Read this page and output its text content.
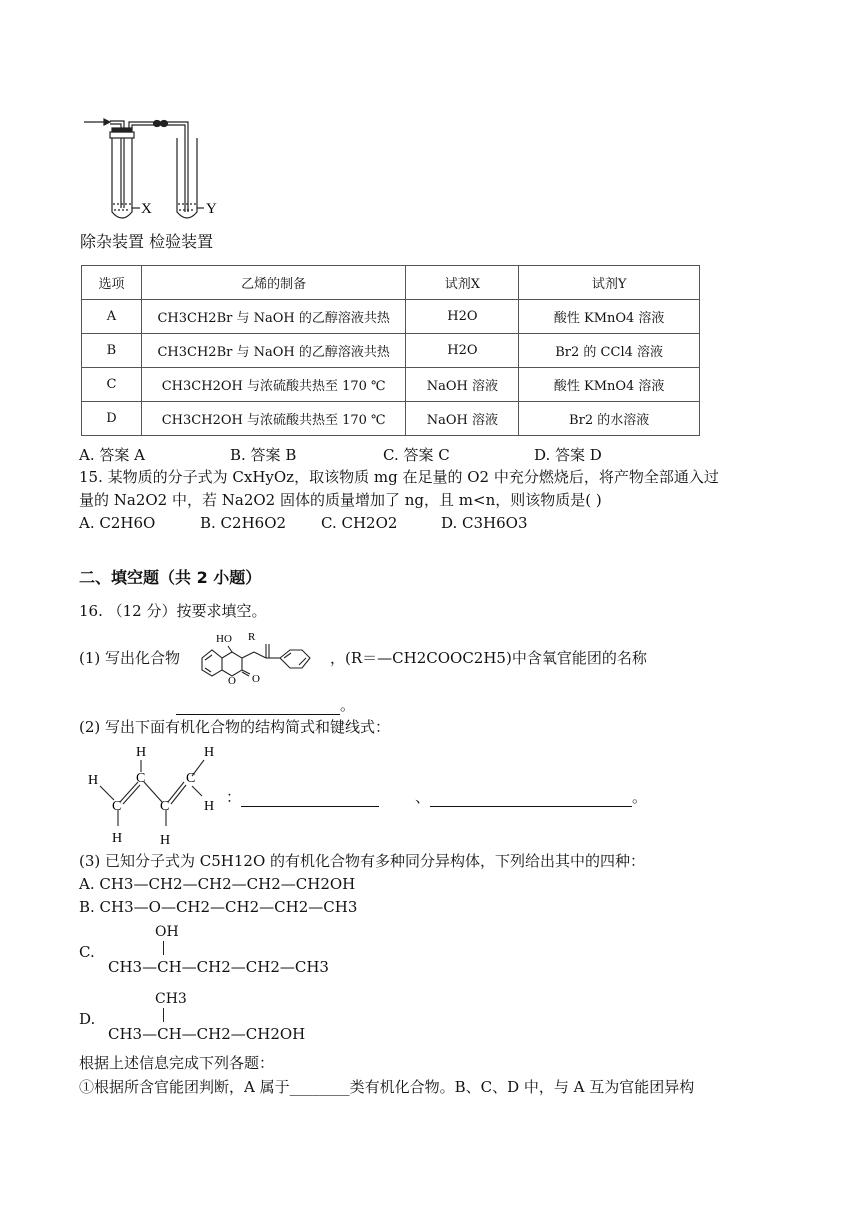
X	Y
除杂装置 检验装置
选项	乙烯的制备	试剂X	试剂Y
A	CH3CH2Br 与 NaOH 的乙醇溶液共热	H2O	酸性 KMnO4 溶液
B	CH3CH2Br 与 NaOH 的乙醇溶液共热	H2O	Br2 的 CCl4 溶液
C	CH3CH2OH 与浓硫酸共热至 170 ℃	NaOH 溶液	酸性 KMnO4 溶液
D	CH3CH2OH 与浓硫酸共热至 170 ℃	NaOH 溶液	Br2 的水溶液
A. 答案 A	B. 答案 B	C. 答案 C	D. 答案 D
15. 某物质的分子式为 CxHyOz，取该物质 mg 在足量的 O2 中充分燃烧后，将产物全部通入过
量的 Na2O2 中，若 Na2O2 固体的质量增加了 ng，且 m<n，则该物质是( )
A. C2H6O	B. C2H6O2 C. CH2O2	D. C3H6O3
二、填空题（共 2 小题）
16. （12 分）按要求填空。
(1) 写出化合物
HO R
O O
，(R＝—CH2COOC2H5)中含氧官能团的名称
。
(2) 写出下面有机化合物的结构简式和键线式：
H
C
H
C	C
H	H
C
H
H
：	、	。
(3) 已知分子式为 C5H12O 的有机化合物有多种同分异构体，下列给出其中的四种：
A. CH3—CH2—CH2—CH2—CH2OH
B. CH3—O—CH2—CH2—CH2—CH3
C.
OH
CH3—CH—CH2—CH2—CH3
D.
CH3
CH3—CH—CH2—CH2OH
根据上述信息完成下列各题：
①根据所含官能团判断，A 属于________类有机化合物。B、C、D 中，与 A 互为官能团异构
